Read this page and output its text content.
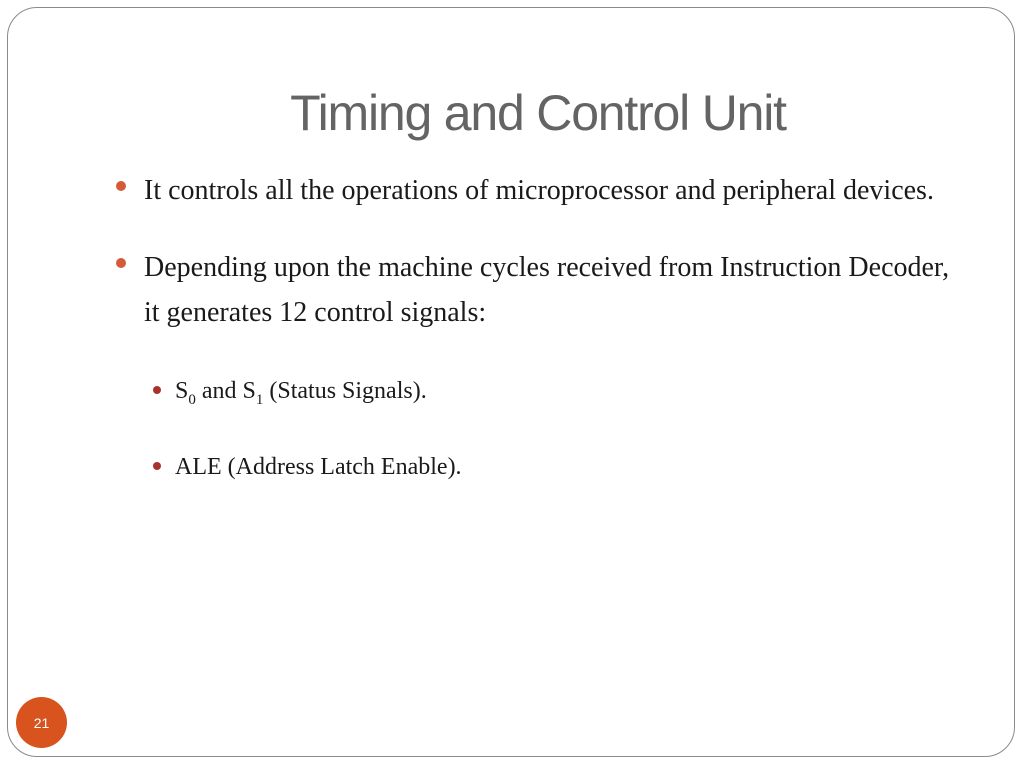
Timing and Control Unit
It controls all the operations of microprocessor and peripheral devices.
Depending upon the machine cycles received from Instruction Decoder, it generates 12 control signals:
$S_0$ and $S_1$ (Status Signals).
ALE (Address Latch Enable).
21
